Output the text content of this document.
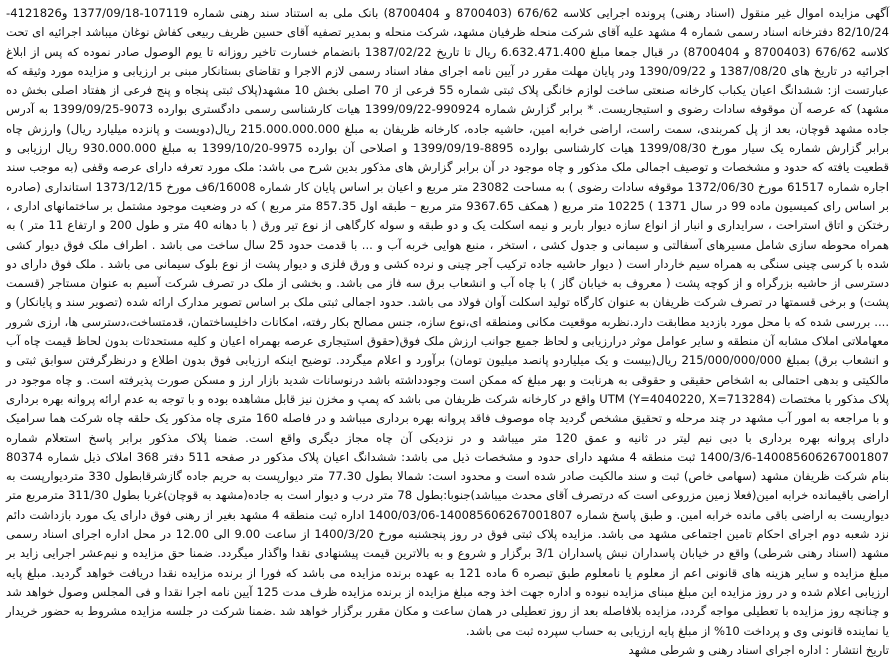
آگهی مزایده اموال غیر منقول (اسناد رهنی) پرونده اجرایی کلاسه 676/62 (8700403 و 8700404) بانک ملی به استناد سند رهنی شماره 107119-1377/09/18 و4121826-82/10/24 دفترخانه اسناد رسمی شماره 4 مشهد علیه آقای شرکت منحله ظرفیان مشهد، شرکت منحله و بمدیر تصفیه آقای حسین ظریف ربیعی کفاش نوغان میباشد اجرائیه ای تحت کلاسه 676/62 (8700403 و 8700404) در قبال جمعا مبلغ 6.632.471.400 ریال تا تاریخ 1387/02/22 بانضمام خسارت تاخیر روزانه تا یوم الوصول صادر نموده که پس از ابلاغ اجرائیه در تاریخ های 1387/08/20 و 1390/09/22 ودر پایان مهلت مقرر در آیین نامه اجرای مفاد اسناد رسمی لازم الاجرا و تقاضای بستانکار مبنی بر ارزیابی و مزایده مورد وثیقه که عبارتست از: ششدانگ اعیان یکباب کارخانه صنعتی ساخت لوازم خانگی پلاک ثبتی شماره 55 فرعی از 70 اصلی بخش 10 مشهد(پلاک ثبتی پنجاه و پنج فرعی از هفتاد اصلی بخش ده مشهد) که عرصه آن موقوفه سادات رضوی و استیجاریست. * برابر گزارش شماره 990924-1399/09/22 هیات کارشناسی رسمی دادگستری بوارده 9073-1399/09/25 به آدرس جاده مشهد قوچان، بعد از پل کمربندی، سمت راست، اراضی خرابه امین، حاشیه جاده، کارخانه ظریفان به مبلغ 215.000.000.000 ریال(دویست و پانزده میلیارد ریال) وارزش چاه برابر گزارش شماره یک سیار مورخ 1399/08/30 هیات کارشناسی بوارده 8895-1399/09/19 و اصلاحی آن بوارده 9975-1399/10/20 به مبلغ 930.000.000 ریال ارزیابی و قطعیت یافته که حدود و مشخصات و توصیف اجمالی ملک مذکور و چاه موجود در آن برابر گزارش های مذکور بدین شرح می باشد: ملک مورد تعرفه دارای عرصه وقفی (به موجب سند اجاره شماره 61517 مورخ 1372/06/30 موقوفه سادات رضوی ) به مساحت 23082 متر مربع و اعیان بر اساس پایان کار شماره 6/16008ف مورخ 1373/12/15 استانداری (صادره بر اساس رای کمیسیون ماده 99 در سال 1371 ) 10225 متر مربع ( همکف 9367.65 متر مربع – طبقه اول 857.35 متر مربع ) که در وضعیت موجود مشتمل بر ساختمانهای اداری ، رختکن و اتاق استراحت ، سرایداری و انبار از انواع سازه دیوار باربر و نیمه اسکلت یک و دو طبقه و سوله کارگاهی از نوع تیر ورق ( با دهانه 40 متر و طول 200 و ارتفاع 11 متر ) به همراه محوطه سازی شامل مسیرهای آسفالتی و سیمانی و جدول کشی ، استخر ، منبع هوایی خربه آب و ... با قدمت حدود 25 سال ساخت می باشد . اطراف ملک فوق دیوار کشی شده با کرسی چینی سنگی به همراه سیم خاردار است ( دیوار حاشیه جاده ترکیب آجر چینی و نرده کشی و ورق فلزی و دیوار پشت از نوع بلوک سیمانی می باشد . ملک فوق دارای دو دسترسی از حاشیه بزرگراه و از کوچه پشت ( معروف به خیابان گاز ) با چاه آب و انشعاب برق سه فاز می باشد. و بخشی از ملک در تصرف شرکت آسیم به عنوان مستاجر (قسمت پشت) و برخی قسمتها در تصرف شرکت ظریفان به عنوان کارگاه تولید اسکلت آوان فولاد می باشد. حدود اجمالی ثبتی ملک بر اساس تصویر مدارک ارائه شده (تصویر سند و پایانکار) و .... بررسی شده که با محل مورد بازدید مطابقت دارد.نظربه موقعیت مکانی ومنطقه ای،نوع سازه، جنس مصالح بکار رفته، امکانات داخلیساختمان، قدمتساخت،دسترسی ها، ارزی شرور معهاملاتی املاک مشابه آن منطقه و سایر عوامل موثر درارزیابی و لحاظ جمیع جوانب ارزش ملک فوق(حقوق استیجاری عرصه بهمراه اعیان و کلیه مستحدثات بدون لحاظ قیمت چاه آب و انشعاب برق) بمبلغ 215/000/000/000 ریال(بیست و یک میلیاردو پانصد میلیون تومان) برآورد و اعلام میگردد. توضیح اینکه ارزیابی فوق بدون اطلاع و درنظرگرفتن سوابق ثبتی و مالکیتی و بدهی احتمالی به اشخاص حقیقی و حقوقی به هرنابت و بهر مبلغ که ممکن است وجودداشته باشد درنوسانات شدید بازار ارز و مسکن صورت پذیرفته است. و چاه موجود در پلاک مذکور با مختصات (UTM (Y=4040220, X=713284 واقع در کارخانه شرکت ظریفان می باشد که پمپ و مخزن نیز قابل مشاهده بوده و با توجه به عدم ارائه پروانه بهره برداری و با مراجعه به امور آب مشهد در چند مرحله و تحقیق مشخص گردید چاه موصوف فاقد پروانه بهره برداری میباشد و در فاصله 160 متری چاه مذکور یک حلقه چاه شرکت هما سرامیک دارای پروانه بهره برداری با دبی نیم لیتر در ثانیه و عمق 120 متر میباشد و در نزدیکی آن چاه مجاز دیگری واقع است. ضمنا پلاک مذکور برابر پاسخ استعلام شماره 140085606267001807-1400/3/6 ثبت منطقه 4 مشهد دارای حدود و مشخصات ذیل می باشد: ششدانگ اعیان پلاک مذکور در صفحه 511 دفتر 368 املاک ذیل شماره 80374 بنام شرکت ظریفان مشهد (سهامی خاص) ثبت و سند مالکیت صادر شده است و محدود است: شمالا بطول 77.30 متر دیوارپست به حریم جاده گازشرقابطول 330 متردیوارپست به اراضی باقیمانده خرابه امین(فعلا زمین مزروعی است که درتصرف آقای محدث میباشد)جنوبا:بطول 78 متر درب و دیوار است به جاده(مشهد به قوچان)غربا بطول 311/30 مترمربع متر دیواریست به اراضی باقی مانده خرابه امین. و طبق پاسخ شماره 140085606267001807-1400/03/06 اداره ثبت منطقه 4 مشهد بغیر از رهنی فوق دارای یک مورد بازداشت دائم نزد شعبه دوم اجرای احکام تامین اجتماعی مشهد می باشد. مزایده پلاک ثبتی فوق در روز پنجشنبه مورخ 1400/3/20 از ساعت 9.00 الی 12.00 در محل اداره اجرای اسناد رسمی مشهد (اسناد رهنی شرطی) واقع در خیابان پاسداران نبش پاسداران 3/1 برگزار و شروع و به بالاترین قیمت پیشنهادی نقدا واگذار میگردد. ضمنا حق مزایده و نیم‌عشر اجرایی زاید بر مبلغ مزایده و سایر هزینه های قانونی اعم از معلوم یا نامعلوم طبق تبصره 6 ماده 121 به عهده برنده مزایده می باشد که فورا از برنده مزایده نقدا دریافت خواهد گردید. مبلغ پایه ارزیابی اعلام شده و در روز مزایده این مبلغ مبنای مزایده نبوده و اداره جهت اخذ وجه مبلغ مزایده از برنده مزایده ظرف مدت 125 آیین نامه اجرا نقدا و فی المجلس وصول خواهد شد و چنانچه روز مزایده با تعطیلی مواجه گردد، مزایده بلافاصله بعد از روز تعطیلی در همان ساعت و مکان مقرر برگزار خواهد شد .ضمنا شرکت در جلسه مزایده مشروط به حضور خریدار یا نماینده قانونی وی و پرداخت 10% از مبلغ پایه ارزیابی به حساب سپرده ثبت می باشد.

تاریخ انتشار : اداره اجرای اسناد رهنی و شرطی مشهد
